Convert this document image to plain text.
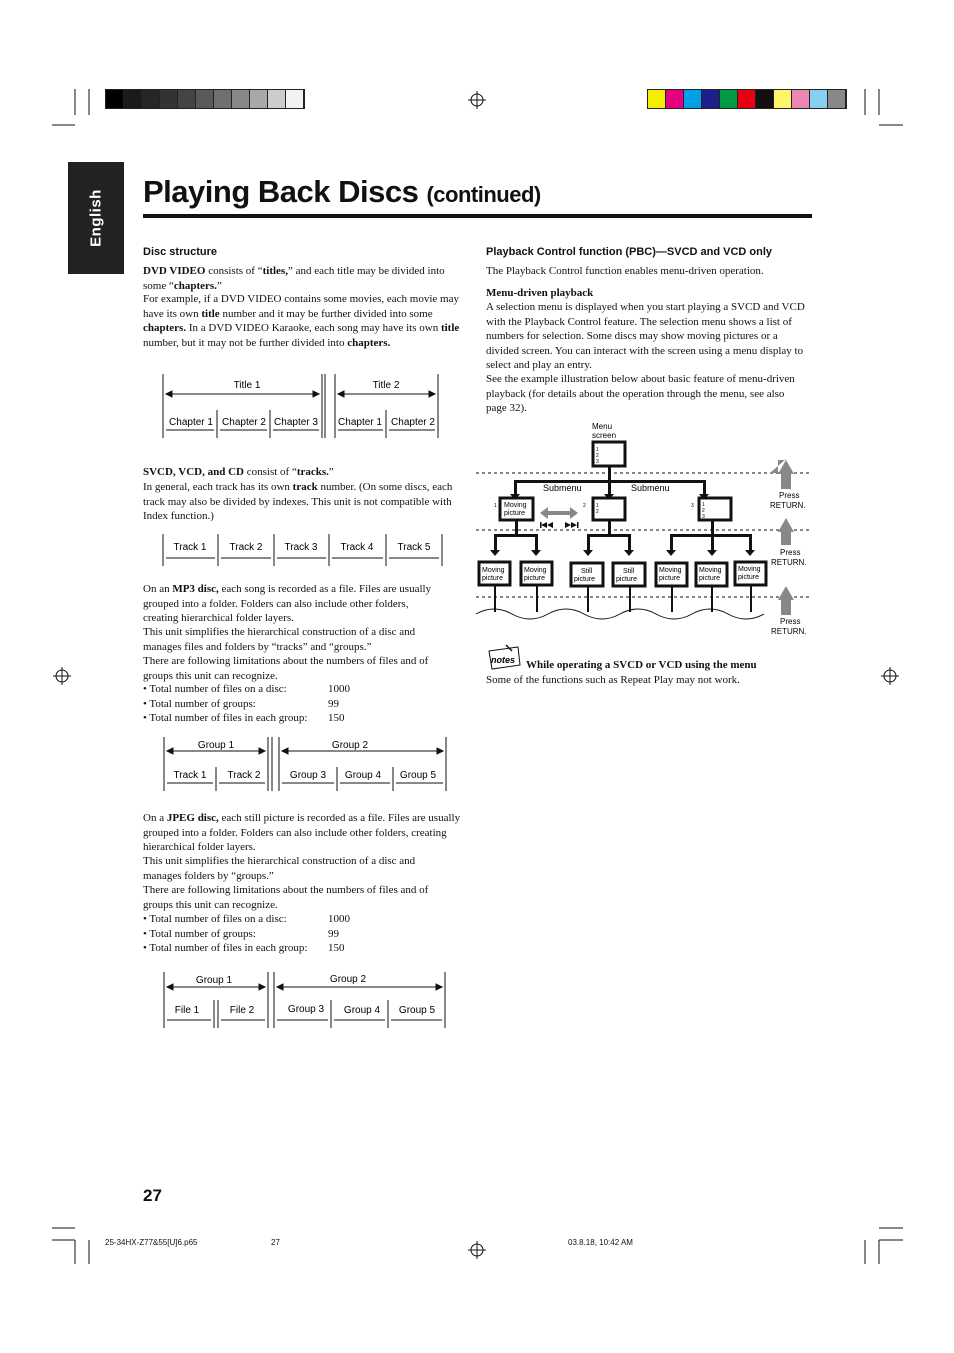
English Playing Back Discs (continued)
Disc structure
DVD VIDEO consists of “titles,” and each title may be divided into some “chapters.”
For example, if a DVD VIDEO contains some movies, each movie may have its own title number and it may be further divided into some chapters. In a DVD VIDEO Karaoke, each song may have its own title number, but it may not be further divided into chapters.
Title 1	Title 2
Chapter 1 Chapter 2 Chapter 3 Chapter 1 Chapter 2
SVCD, VCD, and CD consist of “tracks.”
In general, each track has its own track number. (On some discs, each track may also be divided by indexes. This unit is not compatible with Index function.)
Track 1 Track 2 Track 3 Track 4 Track 5
On an MP3 disc, each song is recorded as a file. Files are usually grouped into a folder. Folders can also include other folders, creating hierarchical folder layers.
This unit simplifies the hierarchical construction of a disc and manages files and folders by “tracks” and “groups.”
There are following limitations about the numbers of files and of groups this unit can recognize.
• Total number of files on a disc:	1000
• Total number of groups:	99
• Total number of files in each group: 150
Group 1	Group 2
Track 1 Track 2	Group 3 Group 4 Group 5
On a JPEG disc, each still picture is recorded as a file. Files are usually grouped into a folder. Folders can also include other folders, creating hierarchical folder layers.
This unit simplifies the hierarchical construction of a disc and manages folders by “groups.”
There are following limitations about the numbers of files and of groups this unit can recognize.
• Total number of files on a disc:	1000
• Total number of groups:	99
• Total number of files in each group: 150
Group 1	Group 2
File 1	File 2	Group 3 Group 4 Group 5
Playback Control function (PBC)—SVCD and VCD only
The Playback Control function enables menu-driven operation.
Menu-driven playback
A selection menu is displayed when you start playing a SVCD and VCD with the Playback Control feature. The selection menu shows a list of numbers for selection. Some discs may show moving pictures or a divided screen. You can interact with the screen using a menu display to select and play an entry.
See the example illustration below about basic feature of menu-driven playback (for details about the operation through the menu, see also page 32).
Menu
screen
1
2
3
Submenu	Submenu
1 Moving
picture
2 1
2
3 1
2
3
Moving
picture
Moving
picture
Still
picture
Still
picture
Moving
picture
Moving
picture
Moving
picture
Press
RETURN.
Press
RETURN.
Press
RETURN.
notes While operating a SVCD or VCD using the menu
Some of the functions such as Repeat Play may not work.
27
25-34HX-Z77&55[U]6.p65	27	03.8.18, 10:42 AM
